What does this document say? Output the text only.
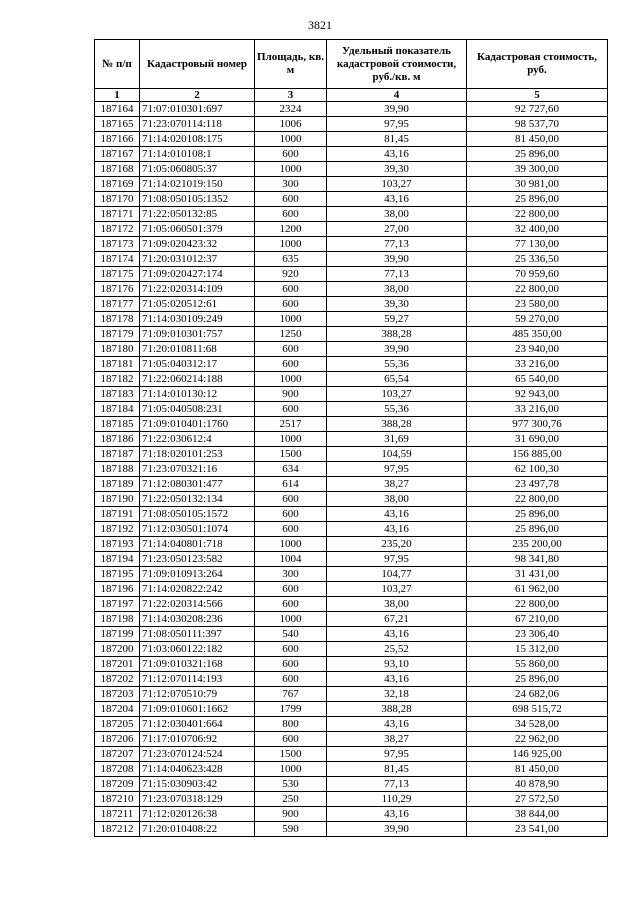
3821
№ п/п	Кадастровый номер	Площадь, кв. м	Удельный показатель кадастровой стоимости, руб./кв. м	Кадастровая стоимость, руб.
1	2	3	4	5
187164	71:07:010301:697	2324	39,90	92 727,60
187165	71:23:070114:118	1006	97,95	98 537,70
187166	71:14:020108:175	1000	81,45	81 450,00
187167	71:14:010108:1	600	43,16	25 896,00
187168	71:05:060805:37	1000	39,30	39 300,00
187169	71:14:021019:150	300	103,27	30 981,00
187170	71:08:050105:1352	600	43,16	25 896,00
187171	71:22:050132:85	600	38,00	22 800,00
187172	71:05:060501:379	1200	27,00	32 400,00
187173	71:09:020423:32	1000	77,13	77 130,00
187174	71:20:031012:37	635	39,90	25 336,50
187175	71:09:020427:174	920	77,13	70 959,60
187176	71:22:020314:109	600	38,00	22 800,00
187177	71:05:020512:61	600	39,30	23 580,00
187178	71:14:030109:249	1000	59,27	59 270,00
187179	71:09:010301:757	1250	388,28	485 350,00
187180	71:20:010811:68	600	39,90	23 940,00
187181	71:05:040312:17	600	55,36	33 216,00
187182	71:22:060214:188	1000	65,54	65 540,00
187183	71:14:010130:12	900	103,27	92 943,00
187184	71:05:040508:231	600	55,36	33 216,00
187185	71:09:010401:1760	2517	388,28	977 300,76
187186	71:22:030612:4	1000	31,69	31 690,00
187187	71:18:020101:253	1500	104,59	156 885,00
187188	71:23:070321:16	634	97,95	62 100,30
187189	71:12:080301:477	614	38,27	23 497,78
187190	71:22:050132:134	600	38,00	22 800,00
187191	71:08:050105:1572	600	43,16	25 896,00
187192	71:12:030501:1074	600	43,16	25 896,00
187193	71:14:040801:718	1000	235,20	235 200,00
187194	71:23:050123:582	1004	97,95	98 341,80
187195	71:09:010913:264	300	104,77	31 431,00
187196	71:14:020822:242	600	103,27	61 962,00
187197	71:22:020314:566	600	38,00	22 800,00
187198	71:14:030208:236	1000	67,21	67 210,00
187199	71:08:050111:397	540	43,16	23 306,40
187200	71:03:060122:182	600	25,52	15 312,00
187201	71:09:010321:168	600	93,10	55 860,00
187202	71:12:070114:193	600	43,16	25 896,00
187203	71:12:070510:79	767	32,18	24 682,06
187204	71:09:010601:1662	1799	388,28	698 515,72
187205	71:12:030401:664	800	43,16	34 528,00
187206	71:17:010706:92	600	38,27	22 962,00
187207	71:23:070124:524	1500	97,95	146 925,00
187208	71:14:040623:428	1000	81,45	81 450,00
187209	71:15:030903:42	530	77,13	40 878,90
187210	71:23:070318:129	250	110,29	27 572,50
187211	71:12:020126:38	900	43,16	38 844,00
187212	71:20:010408:22	590	39,90	23 541,00
